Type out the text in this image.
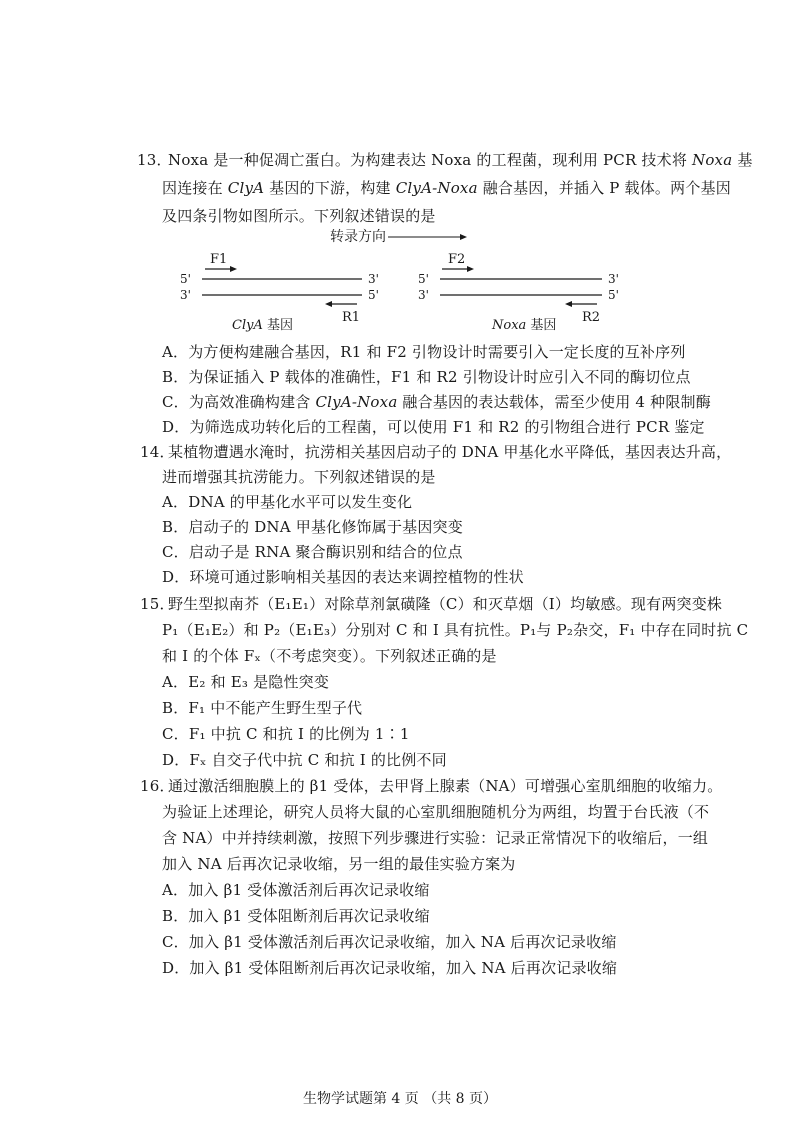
13．
Noxa 是一种促凋亡蛋白。为构建表达 Noxa 的工程菌，现利用 PCR 技术将 Noxa 基
因连接在 ClyA 基因的下游，构建 ClyA-Noxa 融合基因，并插入 P 载体。两个基因
及四条引物如图所示。下列叙述错误的是
转录方向
F1
5'	3'
3'	5'
R1
ClyA 基因
F2
5'	3'
3'	5'
R2
Noxa 基因
A．为方便构建融合基因，R1 和 F2 引物设计时需要引入一定长度的互补序列
B．为保证插入 P 载体的准确性，F1 和 R2 引物设计时应引入不同的酶切位点
C．为高效准确构建含 ClyA-Noxa 融合基因的表达载体，需至少使用 4 种限制酶
D．为筛选成功转化后的工程菌，可以使用 F1 和 R2 的引物组合进行 PCR 鉴定
14．
某植物遭遇水淹时，抗涝相关基因启动子的 DNA 甲基化水平降低，基因表达升高，
进而增强其抗涝能力。下列叙述错误的是
A．DNA 的甲基化水平可以发生变化
B．启动子的 DNA 甲基化修饰属于基因突变
C．启动子是 RNA 聚合酶识别和结合的位点
D．环境可通过影响相关基因的表达来调控植物的性状
15．
野生型拟南芥（E₁E₁）对除草剂氯磺隆（C）和灭草烟（I）均敏感。现有两突变株
P₁（E₁E₂）和 P₂（E₁E₃）分别对 C 和 I 具有抗性。P₁与 P₂杂交，F₁ 中存在同时抗 C
和 I 的个体 Fₓ（不考虑突变）。下列叙述正确的是
A．E₂ 和 E₃ 是隐性突变
B．F₁ 中不能产生野生型子代
C．F₁ 中抗 C 和抗 I 的比例为 1∶1
D．Fₓ 自交子代中抗 C 和抗 I 的比例不同
16．
通过激活细胞膜上的 β1 受体，去甲肾上腺素（NA）可增强心室肌细胞的收缩力。
为验证上述理论，研究人员将大鼠的心室肌细胞随机分为两组，均置于台氏液（不
含 NA）中并持续刺激，按照下列步骤进行实验：记录正常情况下的收缩后，一组
加入 NA 后再次记录收缩，另一组的最佳实验方案为
A．加入 β1 受体激活剂后再次记录收缩
B．加入 β1 受体阻断剂后再次记录收缩
C．加入 β1 受体激活剂后再次记录收缩，加入 NA 后再次记录收缩
D．加入 β1 受体阻断剂后再次记录收缩，加入 NA 后再次记录收缩
生物学试题第 4 页 （共 8 页）
